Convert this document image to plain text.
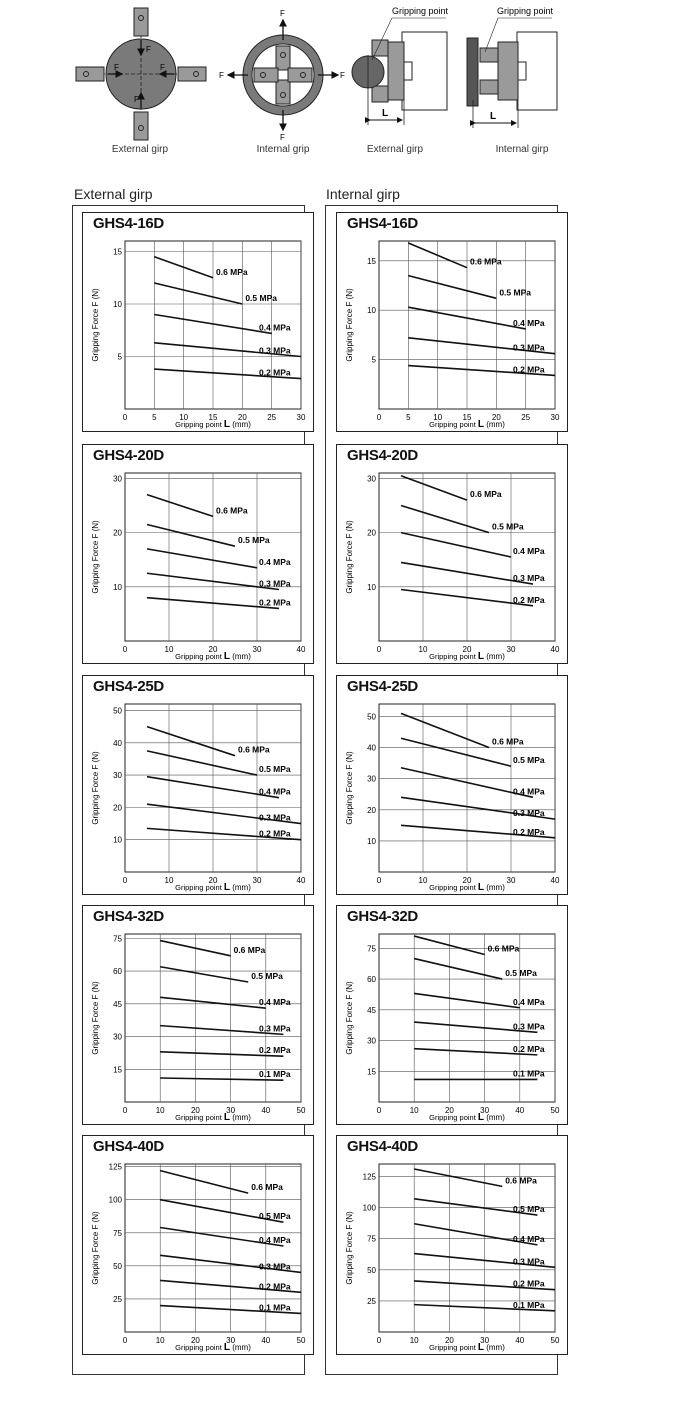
F
F	F
F
F
F
F	F
L
Gripping point
L
Gripping point
External girp	Internal grip	External girp	Internal girp
External girp	Internal girp
GHS4-16D
0	5	10	15	20	25	30
5
10
15
0.6 MPa
0.5 MPa
0.4 MPa
0.3 MPa
0.2 MPa
Gripping Force F (N)
Gripping point L (mm)
GHS4-16D
0	5	10	15	20	25	30
5
10
15	0.6 MPa
0.5 MPa
0.4 MPa
0.3 MPa
0.2 MPa
Gripping Force F (N)
Gripping point L (mm)
GHS4-20D
0	10	20	30	40
10
20
30
0.6 MPa
0.5 MPa
0.4 MPa
0.3 MPa
0.2 MPa
Gripping Force F (N)
Gripping point L (mm)
GHS4-20D
0	10	20	30	40
10
20
30
0.6 MPa
0.5 MPa
0.4 MPa
0.3 MPa
0.2 MPa
Gripping Force F (N)
Gripping point L (mm)
GHS4-25D
0	10	20	30	40
10
20
30
40
50
0.6 MPa
0.5 MPa
0.4 MPa
0.3 MPa
0.2 MPa
Gripping Force F (N)
Gripping point L (mm)
GHS4-25D
0	10	20	30	40
10
20
30
40
50
0.6 MPa
0.5 MPa
0.4 MPa
0.3 MPa
0.2 MPa
Gripping Force F (N)
Gripping point L (mm)
GHS4-32D
0	10	20	30	40	50
15
30
45
60
75
0.6 MPa
0.5 MPa
0.4 MPa
0.3 MPa
0.2 MPa
0.1 MPa
Gripping Force F (N)
Gripping point L (mm)
GHS4-32D
0	10	20	30	40	50
15
30
45
60
75	0.6 MPa
0.5 MPa
0.4 MPa
0.3 MPa
0.2 MPa
0.1 MPa
Gripping Force F (N)
Gripping point L (mm)
GHS4-40D
0	10	20	30	40	50
25
50
75
100
125
0.6 MPa
0.5 MPa
0.4 MPa
0.3 MPa
0.2 MPa
0.1 MPa
Gripping Force F (N)
Gripping point L (mm)
GHS4-40D
0	10	20	30	40	50
25
50
75
100
125	0.6 MPa
0.5 MPa
0.4 MPa
0.3 MPa
0.2 MPa
0.1 MPa
Gripping Force F (N)
Gripping point L (mm)
